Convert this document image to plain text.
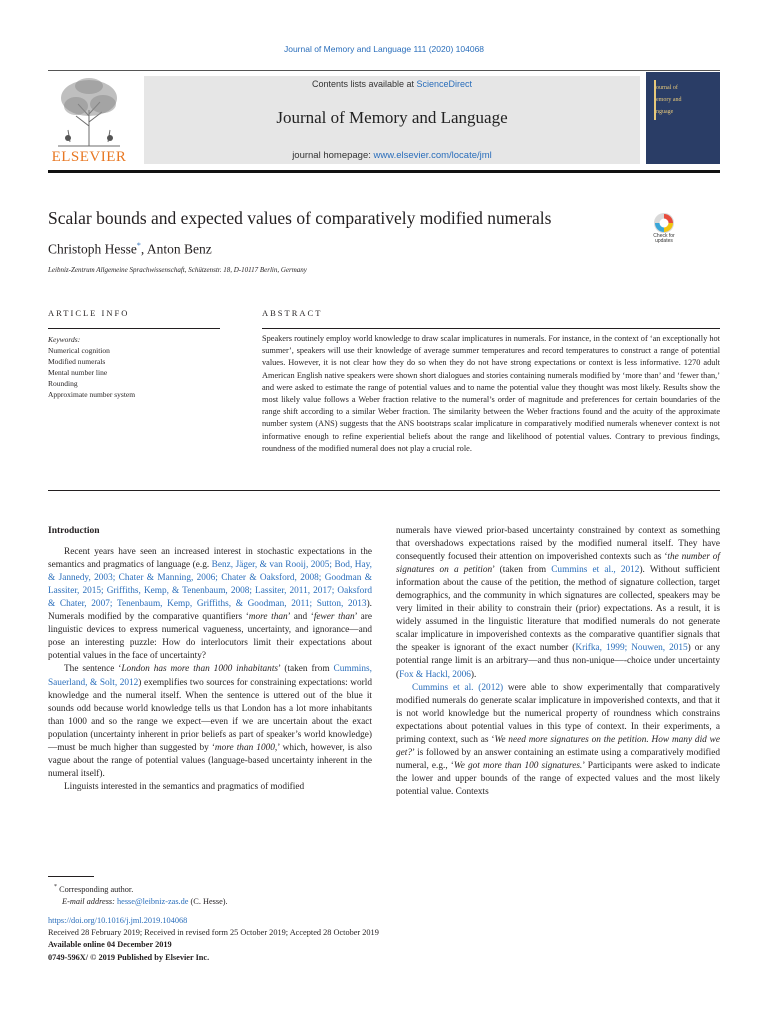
Journal of Memory and Language 111 (2020) 104068
ELSEVIER
Contents lists available at ScienceDirect
Journal of Memory and Language
journal homepage: www.elsevier.com/locate/jml
ournal of
emory and
nguage
Scalar bounds and expected values of comparatively modified numerals
Check for
updates
Christoph Hesse*, Anton Benz
Leibniz-Zentrum Allgemeine Sprachwissenschaft, Schützenstr. 18, D-10117 Berlin, Germany
ARTICLE INFO	ABSTRACT
Keywords:
Numerical cognition
Modified numerals
Mental number line
Rounding
Approximate number system
Speakers routinely employ world knowledge to draw scalar implicatures in numerals. For instance, in the context of ‘an exceptionally hot summer’, speakers will use their knowledge of average summer temperatures and record temperatures to construct a range of potential values. However, it is not clear how they do so when they do not have strong expectations or context is less informative. 1270 adult American English native speakers were shown short dialogues and stories containing numerals modified by ‘more than’ and ‘fewer than,’ and were asked to estimate the range of potential values and to name the potential value they thought was most likely. Results show the most likely value follows a Weber fraction relative to the numeral’s order of magnitude and preferences for certain boundaries of the range shift according to a similar Weber fraction. The similarity between the Weber fractions found and the acuity of the approximate number system (ANS) suggests that the ANS bootstraps scalar implicature in comparatively modified numerals whenever context is not informative enough to refine experiential beliefs about the range and likelihood of potential values. Contrary to previous findings, roundness of the modified numeral does not play a crucial role.
Introduction

Recent years have seen an increased interest in stochastic expectations in the semantics and pragmatics of language (e.g. Benz, Jäger, & van Rooij, 2005; Bod, Hay, & Jannedy, 2003; Chater & Manning, 2006; Chater & Oaksford, 2008; Goodman & Lassiter, 2015; Griffiths, Kemp, & Tenenbaum, 2008; Lassiter, 2011, 2017; Oaksford & Chater, 2007; Tenenbaum, Kemp, Griffiths, & Goodman, 2011; Sutton, 2013). Numerals modified by the comparative quantifiers ‘more than’ and ‘fewer than’ are linguistic devices to express numerical vagueness, uncertainty, and ignorance—and pose an interesting puzzle: How do interlocutors limit their expectations about potential values in the face of uncertainty?

The sentence ‘London has more than 1000 inhabitants’ (taken from Cummins, Sauerland, & Solt, 2012) exemplifies two sources for constraining expectations: world knowledge and the numeral itself. When the sentence is uttered out of the blue it sounds odd because world knowledge tells us that London has a lot more inhabitants than 1000 and so the range we expect—even if we are uncertain about the exact population (uncertainty inherent in prior beliefs as part of speaker’s world knowledge)—must be much higher than suggested by ‘more than 1000,’ which, however, is also vague about the range of potential values (language-based uncertainty inherent in the numeral itself).

Linguists interested in the semantics and pragmatics of modified

numerals have viewed prior-based uncertainty constrained by context as something that overshadows expectations raised by the modified numeral itself. They have consequently focused their attention on impoverished contexts such as ‘the number of signatures on a petition’ (taken from Cummins et al., 2012). Without sufficient information about the cause of the petition, the method of signature collection, target demographics, and the community in which signatures are collected, speakers may be very limited in their ability to constrain their (prior) expectations. As a result, it is widely assumed in the linguistic literature that modified numerals do not generate scalar implicature in impoverished contexts as the comparative quantifier signals that the speaker is ignorant of the exact number (Krifka, 1999; Nouwen, 2015) or any potential range limit is an arbitrary—and thus non-unique—-choice under uncertainty (Fox & Hackl, 2006).

Cummins et al. (2012) were able to show experimentally that comparatively modified numerals do generate scalar implicature in impoverished contexts, and that it is not world knowledge but the numerical property of roundness which constrains expectations about potential values in this type of context. In their experiments, a priming context, such as ‘We need more signatures on the petition. How many did we get?’ is followed by an answer containing an estimate using a comparatively modified numeral, e.g., ‘We got more than 100 signatures.’ Participants were asked to indicate the lower and upper bounds of the range of expected values and the most likely potential value. Contexts

* Corresponding author.
E-mail address: hesse@leibniz-zas.de (C. Hesse).
https://doi.org/10.1016/j.jml.2019.104068
Received 28 February 2019; Received in revised form 25 October 2019; Accepted 28 October 2019
Available online 04 December 2019
0749-596X/ © 2019 Published by Elsevier Inc.
